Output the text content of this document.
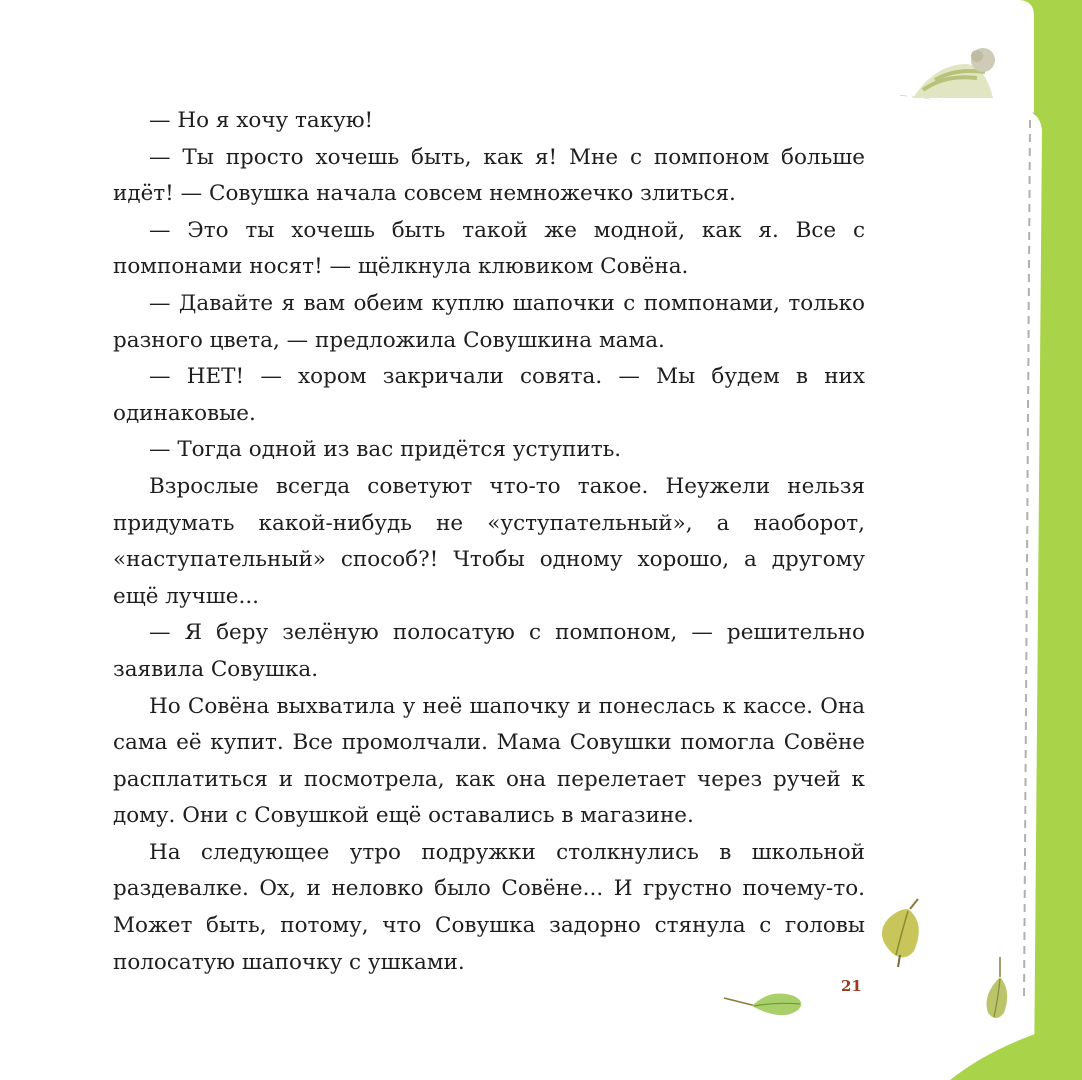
— Но я хочу такую!

— Ты просто хочешь быть, как я! Мне с помпоном больше идёт! — Совушка начала совсем немножечко злиться.

— Это ты хочешь быть такой же модной, как я. Все с помпонами носят! — щёлкнула клювиком Совёна.

— Давайте я вам обеим куплю шапочки с помпонами, только разного цвета, — предложила Совушкина мама.

— НЕТ! — хором закричали совята. — Мы будем в них одинаковые.

— Тогда одной из вас придётся уступить.

Взрослые всегда советуют что-то такое. Неужели нельзя придумать какой-нибудь не «уступательный», а наоборот, «наступательный» способ?! Чтобы одному хорошо, а другому ещё лучше...

— Я беру зелёную полосатую с помпоном, — решительно заявила Совушка.

Но Совёна выхватила у неё шапочку и понеслась к кассе. Она сама её купит. Все промолчали. Мама Совушки помогла Совёне расплатиться и посмотрела, как она перелетает через ручей к дому. Они с Совушкой ещё оставались в магазине.

На следующее утро подружки столкнулись в школьной раздевалке. Ох, и неловко было Совёне... И грустно почему-то. Может быть, потому, что Совушка задорно стянула с головы полосатую шапочку с ушками.

21
